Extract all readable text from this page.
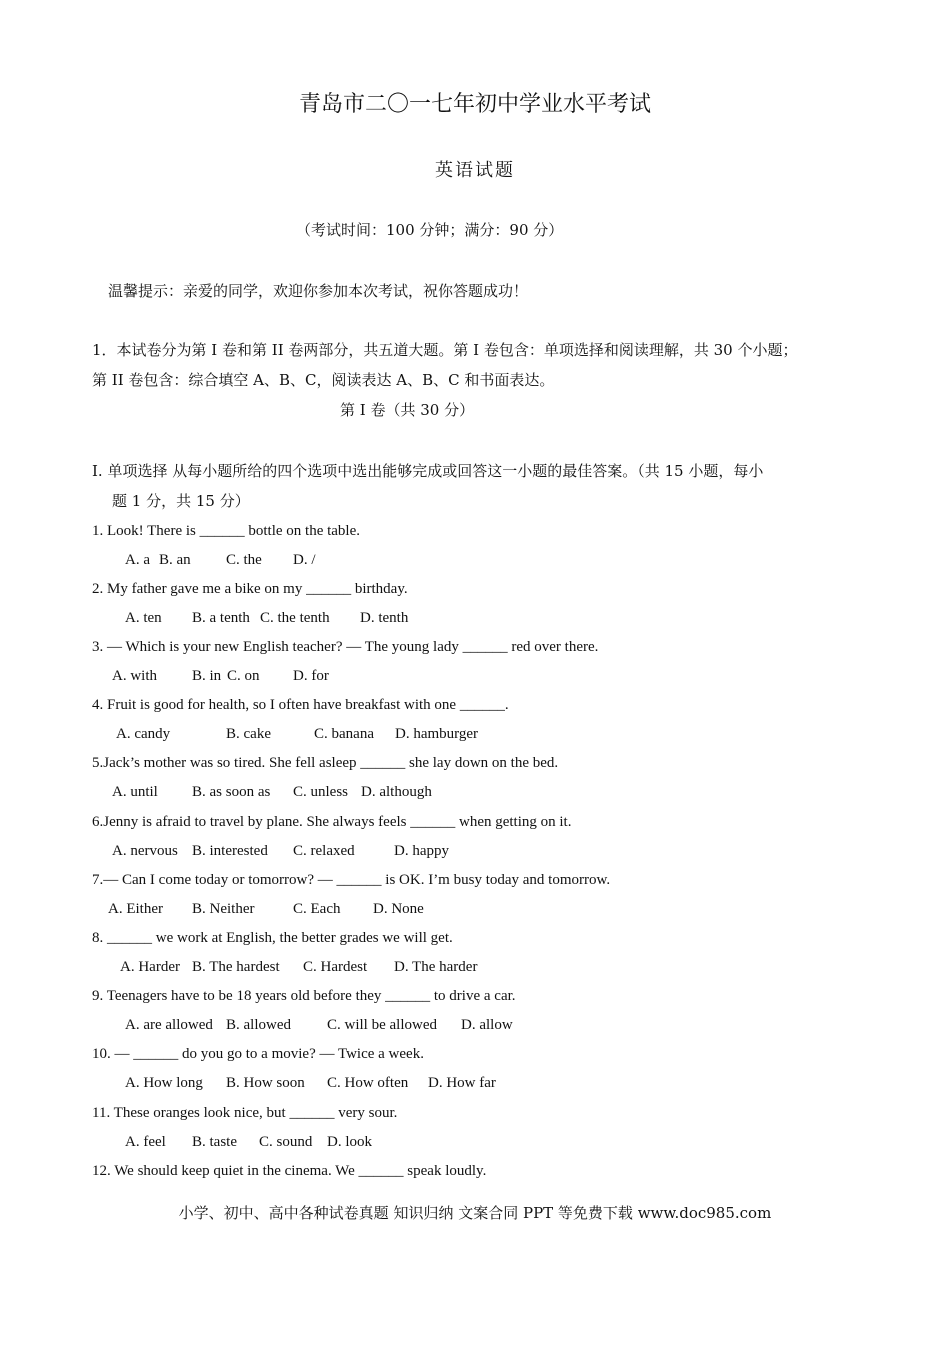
青岛市二〇一七年初中学业水平考试
英语试题
（考试时间：100 分钟；满分：90 分）
温馨提示：亲爱的同学，欢迎你参加本次考试，祝你答题成功！
1．本试卷分为第 I 卷和第 II 卷两部分，共五道大题。第 I 卷包含：单项选择和阅读理解，共 30 个小题；
第 II 卷包含：综合填空 A、B、C，阅读表达 A、B、C 和书面表达。
第 I 卷（共 30 分）
I. 单项选择 从每小题所给的四个选项中选出能够完成或回答这一小题的最佳答案。（共 15 小题，每小
题 1 分，共 15 分）
1. Look! There is ______ bottle on the table.
A. a B. an C. the D. /
2. My father gave me a bike on my ______ birthday.
A. ten B. a tenth C. the tenth D. tenth
3. — Which is your new English teacher? — The young lady ______ red over there.
A. with B. in C. on D. for
4. Fruit is good for health, so I often have breakfast with one ______.
A. candy	B. cake	C. banana D. hamburger
5.Jack’s mother was so tired. She fell asleep ______ she lay down on the bed.
A. until B. as soon as C. unless D. although
6.Jenny is afraid to travel by plane. She always feels ______ when getting on it.
A. nervous B. interested C. relaxed	D. happy
7.— Can I come today or tomorrow? — ______ is OK. I’m busy today and tomorrow.
A. Either B. Neither	C. Each D. None
8. ______ we work at English, the better grades we will get.
A. Harder B. The hardest C. Hardest D. The harder
9. Teenagers have to be 18 years old before they ______ to drive a car.
A. are allowed B. allowed C. will be allowed D. allow
10. — ______ do you go to a movie? — Twice a week.
A. How long B. How soon C. How often D. How far
11. These oranges look nice, but ______ very sour.
A. feel B. taste C. sound D. look
12. We should keep quiet in the cinema. We ______ speak loudly.
小学、初中、高中各种试卷真题 知识归纳 文案合同 PPT 等免费下载 www.doc985.com
